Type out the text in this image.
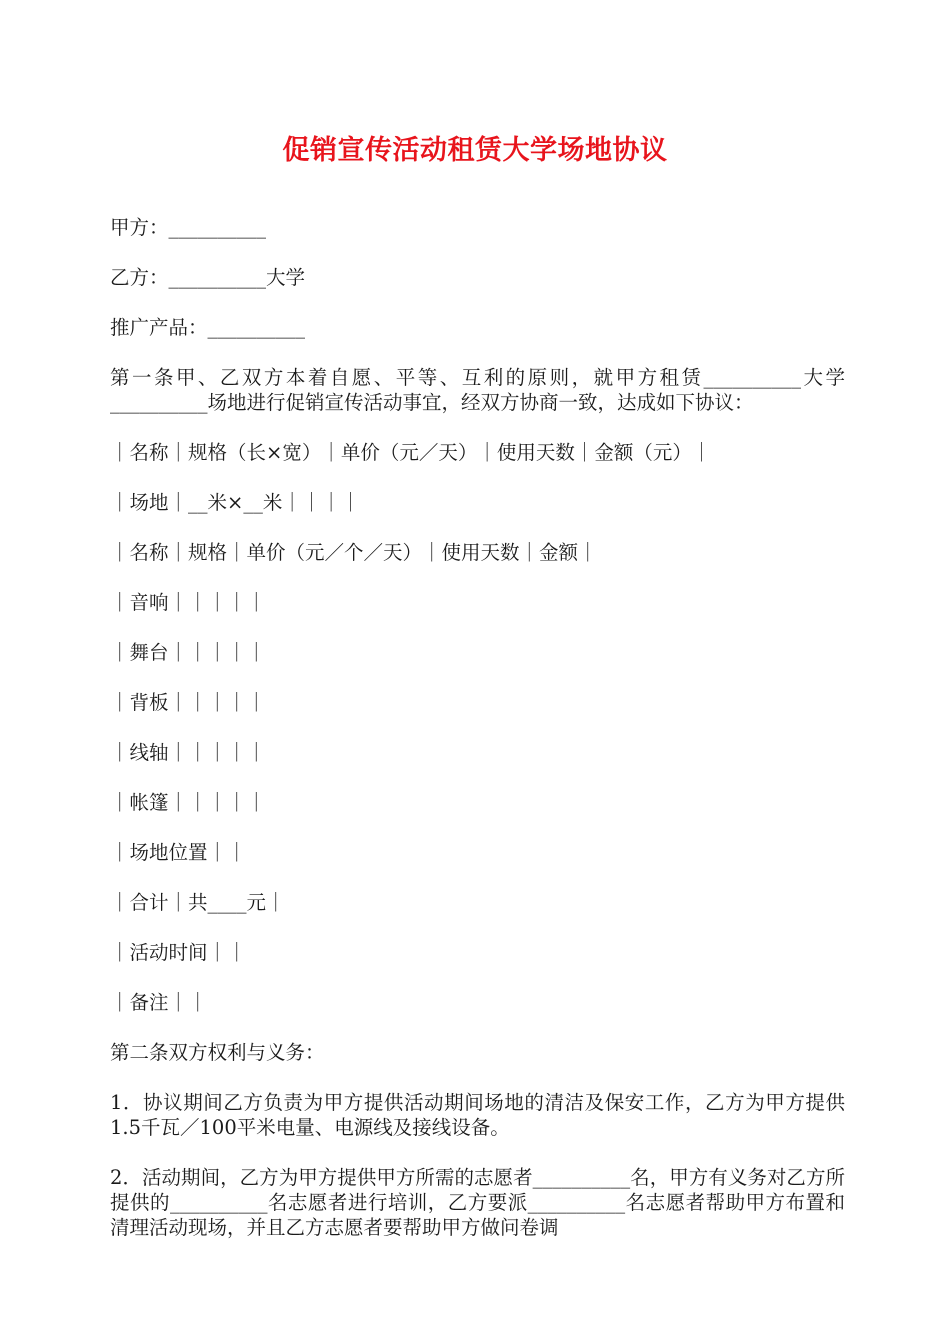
促销宣传活动租赁大学场地协议

甲方：__________

乙方：__________大学

推广产品：__________

第一条甲、乙双方本着自愿、平等、互利的原则，就甲方租赁__________大学__________场地进行促销宣传活动事宜，经双方协商一致，达成如下协议：

｜名称｜规格（长×宽）｜单价（元／天）｜使用天数｜金额（元）｜

｜场地｜__米×__米｜｜｜｜

｜名称｜规格｜单价（元／个／天）｜使用天数｜金额｜

｜音响｜｜｜｜｜

｜舞台｜｜｜｜｜

｜背板｜｜｜｜｜

｜线轴｜｜｜｜｜

｜帐篷｜｜｜｜｜

｜场地位置｜｜

｜合计｜共____元｜

｜活动时间｜｜

｜备注｜｜

第二条双方权利与义务：

1．协议期间乙方负责为甲方提供活动期间场地的清洁及保安工作，乙方为甲方提供1.5千瓦／100平米电量、电源线及接线设备。

2．活动期间，乙方为甲方提供甲方所需的志愿者__________名，甲方有义务对乙方所提供的__________名志愿者进行培训，乙方要派__________名志愿者帮助甲方布置和清理活动现场，并且乙方志愿者要帮助甲方做问卷调
